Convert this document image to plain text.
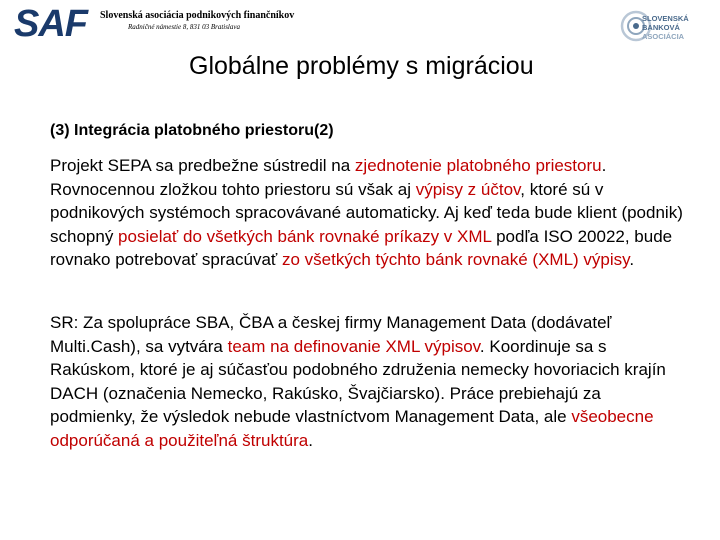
SAF Slovenská asociácia podnikových finančníkov
Radničné námestie 8, 831 03 Bratislava
SLOVENSKÁ
BANKOVÁ
ASOCIÁCIA
Globálne problémy s migráciou
(3) Integrácia platobného priestoru(2)
Projekt SEPA sa predbežne sústredil na zjednotenie platobného priestoru. Rovnocennou zložkou tohto priestoru sú však aj výpisy z účtov, ktoré sú v podnikových systémoch spracovávané automaticky. Aj keď teda bude klient (podnik) schopný posielať do všetkých bánk rovnaké príkazy v XML podľa ISO 20022, bude rovnako potrebovať spracúvať zo všetkých týchto bánk rovnaké (XML) výpisy.
SR: Za spolupráce SBA, ČBA a českej firmy Management Data (dodávateľ Multi.Cash), sa vytvára team na definovanie XML výpisov. Koordinuje sa s Rakúskom, ktoré je aj súčasťou podobného združenia nemecky hovoriacich krajín DACH (označenia Nemecko, Rakúsko, Švajčiarsko). Práce prebiehajú za podmienky, že výsledok nebude vlastníctvom Management Data, ale všeobecne odporúčaná a použiteľná štruktúra.
